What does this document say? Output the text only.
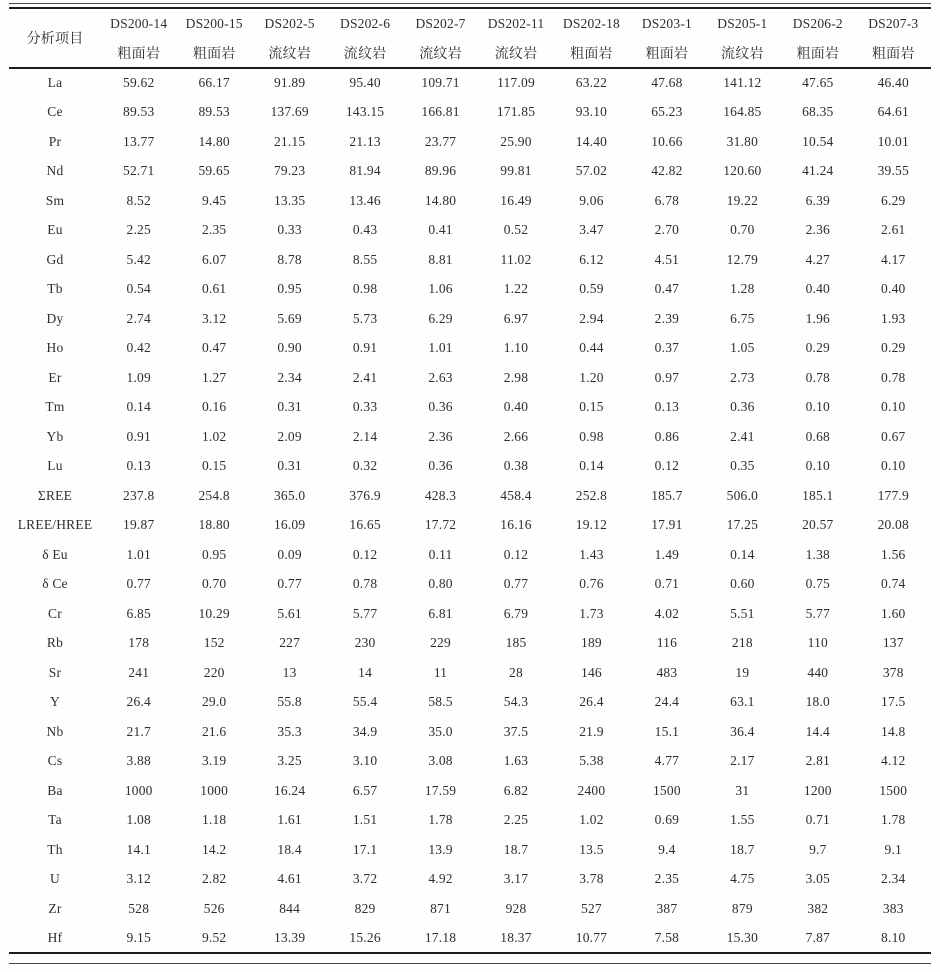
分析项目	DS200-14	DS200-15	DS202-5	DS202-6	DS202-7	DS202-11	DS202-18	DS203-1	DS205-1	DS206-2	DS207-3
	粗面岩	粗面岩	流纹岩	流纹岩	流纹岩	流纹岩	粗面岩	粗面岩	流纹岩	粗面岩	粗面岩
La	59.62	66.17	91.89	95.40	109.71	117.09	63.22	47.68	141.12	47.65	46.40
Ce	89.53	89.53	137.69	143.15	166.81	171.85	93.10	65.23	164.85	68.35	64.61
Pr	13.77	14.80	21.15	21.13	23.77	25.90	14.40	10.66	31.80	10.54	10.01
Nd	52.71	59.65	79.23	81.94	89.96	99.81	57.02	42.82	120.60	41.24	39.55
Sm	8.52	9.45	13.35	13.46	14.80	16.49	9.06	6.78	19.22	6.39	6.29
Eu	2.25	2.35	0.33	0.43	0.41	0.52	3.47	2.70	0.70	2.36	2.61
Gd	5.42	6.07	8.78	8.55	8.81	11.02	6.12	4.51	12.79	4.27	4.17
Tb	0.54	0.61	0.95	0.98	1.06	1.22	0.59	0.47	1.28	0.40	0.40
Dy	2.74	3.12	5.69	5.73	6.29	6.97	2.94	2.39	6.75	1.96	1.93
Ho	0.42	0.47	0.90	0.91	1.01	1.10	0.44	0.37	1.05	0.29	0.29
Er	1.09	1.27	2.34	2.41	2.63	2.98	1.20	0.97	2.73	0.78	0.78
Tm	0.14	0.16	0.31	0.33	0.36	0.40	0.15	0.13	0.36	0.10	0.10
Yb	0.91	1.02	2.09	2.14	2.36	2.66	0.98	0.86	2.41	0.68	0.67
Lu	0.13	0.15	0.31	0.32	0.36	0.38	0.14	0.12	0.35	0.10	0.10
ΣREE	237.8	254.8	365.0	376.9	428.3	458.4	252.8	185.7	506.0	185.1	177.9
LREE/HREE	19.87	18.80	16.09	16.65	17.72	16.16	19.12	17.91	17.25	20.57	20.08
δ Eu	1.01	0.95	0.09	0.12	0.11	0.12	1.43	1.49	0.14	1.38	1.56
δ Ce	0.77	0.70	0.77	0.78	0.80	0.77	0.76	0.71	0.60	0.75	0.74
Cr	6.85	10.29	5.61	5.77	6.81	6.79	1.73	4.02	5.51	5.77	1.60
Rb	178	152	227	230	229	185	189	116	218	110	137
Sr	241	220	13	14	11	28	146	483	19	440	378
Y	26.4	29.0	55.8	55.4	58.5	54.3	26.4	24.4	63.1	18.0	17.5
Nb	21.7	21.6	35.3	34.9	35.0	37.5	21.9	15.1	36.4	14.4	14.8
Cs	3.88	3.19	3.25	3.10	3.08	1.63	5.38	4.77	2.17	2.81	4.12
Ba	1000	1000	16.24	6.57	17.59	6.82	2400	1500	31	1200	1500
Ta	1.08	1.18	1.61	1.51	1.78	2.25	1.02	0.69	1.55	0.71	1.78
Th	14.1	14.2	18.4	17.1	13.9	18.7	13.5	9.4	18.7	9.7	9.1
U	3.12	2.82	4.61	3.72	4.92	3.17	3.78	2.35	4.75	3.05	2.34
Zr	528	526	844	829	871	928	527	387	879	382	383
Hf	9.15	9.52	13.39	15.26	17.18	18.37	10.77	7.58	15.30	7.87	8.10
